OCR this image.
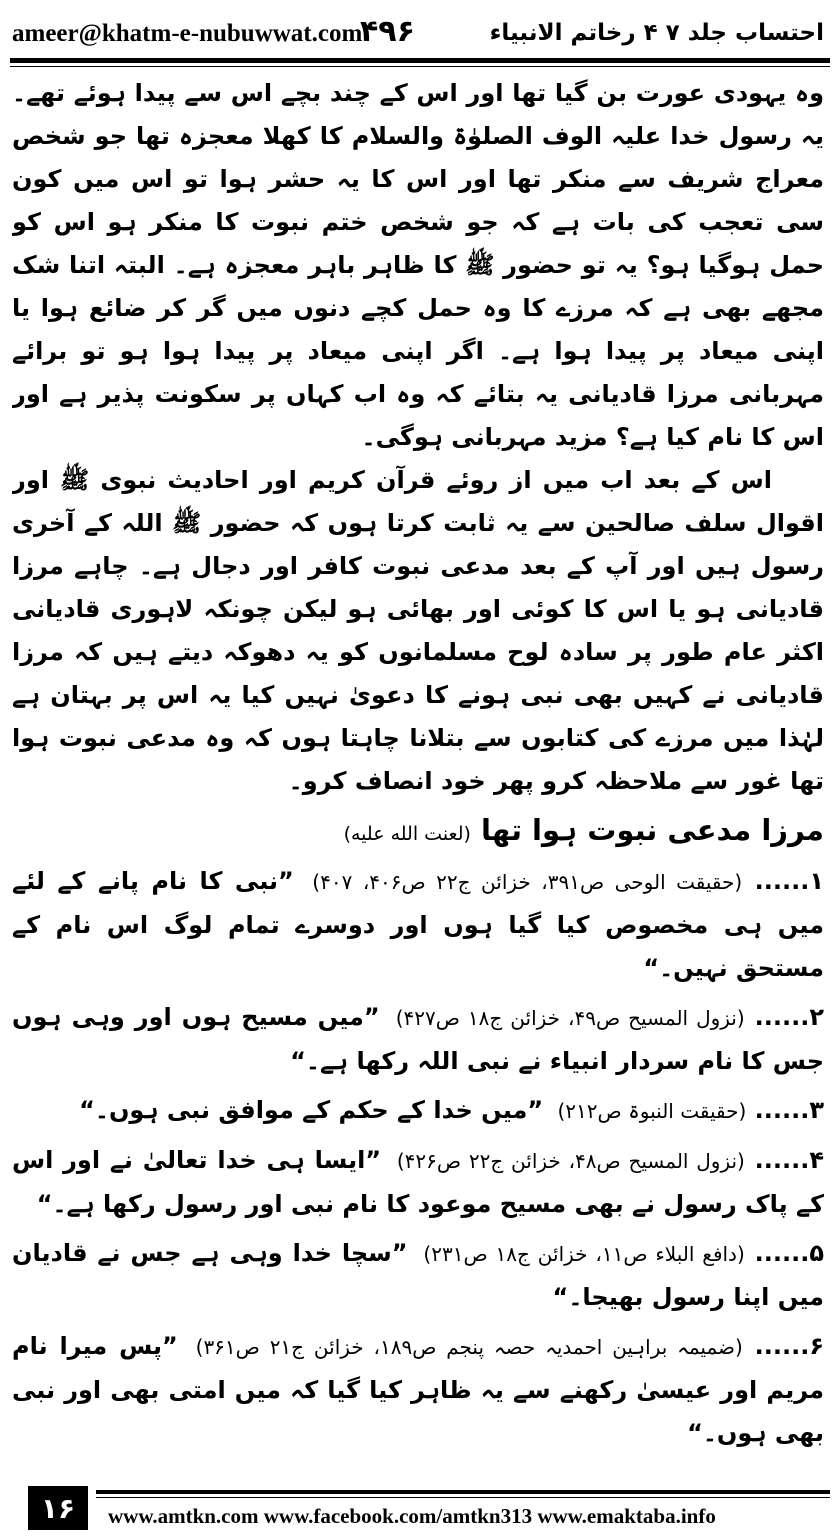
ameer@khatm-e-nubuwwat.com
۴۹۶	احتساب جلد ۷ ۴ رخاتم الانبیاء

وہ یہودی عورت بن گیا تھا اور اس کے چند بچے اس سے پیدا ہوئے تھے۔ یہ رسول خدا علیہ الوف الصلوٰۃ والسلام کا کھلا معجزہ تھا جو شخص معراج شریف سے منکر تھا اور اس کا یہ حشر ہوا تو اس میں کون سی تعجب کی بات ہے کہ جو شخص ختم نبوت کا منکر ہو اس کو حمل ہوگیا ہو؟ یہ تو حضور ﷺ کا ظاہر باہر معجزہ ہے۔ البتہ اتنا شک مجھے بھی ہے کہ مرزے کا وہ حمل کچے دنوں میں گر کر ضائع ہوا یا اپنی میعاد پر پیدا ہوا ہے۔ اگر اپنی میعاد پر پیدا ہوا ہو تو برائے مہربانی مرزا قادیانی یہ بتائے کہ وہ اب کہاں پر سکونت پذیر ہے اور اس کا نام کیا ہے؟ مزید مہربانی ہوگی۔

اس کے بعد اب میں از روئے قرآن کریم اور احادیث نبوی ﷺ اور اقوال سلف صالحین سے یہ ثابت کرتا ہوں کہ حضور ﷺ اللہ کے آخری رسول ہیں اور آپ کے بعد مدعی نبوت کافر اور دجال ہے۔ چاہے مرزا قادیانی ہو یا اس کا کوئی اور بھائی ہو لیکن چونکہ لاہوری قادیانی اکثر عام طور پر سادہ لوح مسلمانوں کو یہ دھوکہ دیتے ہیں کہ مرزا قادیانی نے کہیں بھی نبی ہونے کا دعویٰ نہیں کیا یہ اس پر بہتان ہے لہٰذا میں مرزے کی کتابوں سے بتلانا چاہتا ہوں کہ وہ مدعی نبوت ہوا تھا غور سے ملاحظہ کرو پھر خود انصاف کرو۔

مرزا مدعی نبوت ہوا تھا (لعنت الله علیه)

۱...... (حقیقت الوحی ص۳۹۱، خزائن ج۲۲ ص۴۰۶، ۴۰۷) ”نبی کا نام پانے کے لئے میں ہی مخصوص کیا گیا ہوں اور دوسرے تمام لوگ اس نام کے مستحق نہیں۔“

۲...... (نزول المسیح ص۴۹، خزائن ج۱۸ ص۴۲۷) ”میں مسیح ہوں اور وہی ہوں جس کا نام سردار انبیاء نے نبی اللہ رکھا ہے۔“

۳...... (حقیقت النبوۃ ص۲۱۲) ”میں خدا کے حکم کے موافق نبی ہوں۔“

۴...... (نزول المسیح ص۴۸، خزائن ج۲۲ ص۴۲۶) ”ایسا ہی خدا تعالیٰ نے اور اس کے پاک رسول نے بھی مسیح موعود کا نام نبی اور رسول رکھا ہے۔“

۵...... (دافع البلاء ص۱۱، خزائن ج۱۸ ص۲۳۱) ”سچا خدا وہی ہے جس نے قادیان میں اپنا رسول بھیجا۔“

۶...... (ضمیمہ براہین احمدیہ حصہ پنجم ص۱۸۹، خزائن ج۲۱ ص۳۶۱) ”پس میرا نام مریم اور عیسیٰ رکھنے سے یہ ظاہر کیا گیا کہ میں امتی بھی اور نبی بھی ہوں۔“

۱۶	www.amtkn.com www.facebook.com/amtkn313 www.emaktaba.info
